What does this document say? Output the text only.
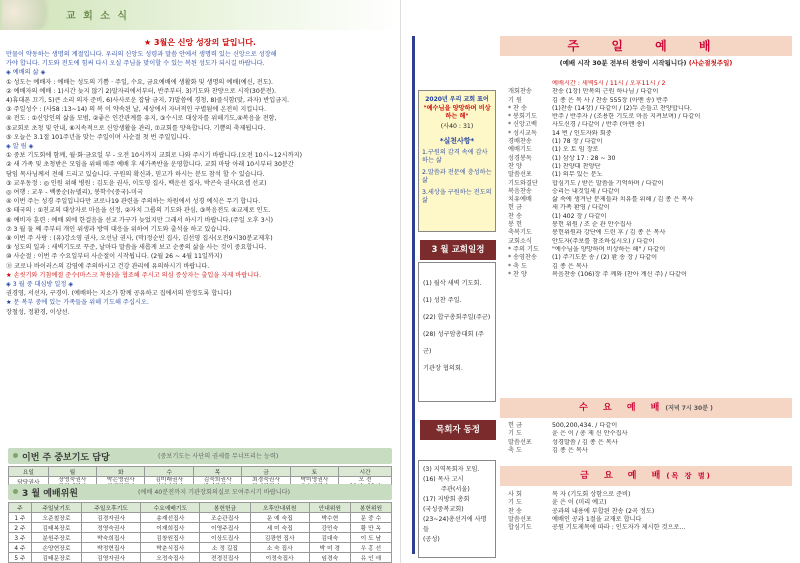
교 회 소 식
★ 3월은 신앙 성장의 달입니다.
만물이 약동하는 생명의 계절입니다. 우리의 신앙도 성령과 말씀 안에서 생명력 있는 신앙으로 성장해
가야 합니다. 기도와 전도에 힘써 다시 오실 주님을 맞이할 수 있는 복된 성도가 되시길 바랍니다.
◈ 예배의 삶 ◈
① 성도는 예배자 : 예배는 성도의 기쁨 · 주일, 수요, 금요예배에 생활화 및 생명의 예배(예신, 전도).
② 예배자의 예배 : 1)시간 늦지 않기 2)말자리에서부터, 반주부터. 3)기도와 찬양으로 시작(30분전).
4)휴대폰 끄기, 5)큰 소리 의자 준비, 6)사사로운 잡담 금지, 7)말씀에 경청, 8)즐식함(맞, 과자) 반입금지.
③ 주일성수 : (사58 :13~14) 의 복 이 약속된 날, 세상에서 자녀적인 구별됨에 온전히 지킵니다.
④ 전도 : ①신앙인의 삶을 모범, ②좋은 인간관계를 유지, ③수시로 대상자를 위해기도,④복음을 전함,
⑤교회로 초청 및 안내, ⑥지속적으로 신앙생활을 관리, ⑦교회를 양육합니다. 기쁨의 축제됩니다.
⑤ 오늘은 3.1절 101주년을 맞는 주일이며 사순절 첫 번 주일입니다.
◈ 알 림 ◈
① 중보 기도회에 함께, 월·화·금요일 부 - 오전 10시까지 교회로 나와 주시기 바랍니다.(오전 10시~12시까지)
② 새 가족 및 초청받은 모임을 위해 매주 예배 후 새가족반을 운영합니다. 교회 마당 아래 10시부터 30분간
담임 목사님께서 전해 드리고 있습니다. 구원의 확신과, 믿고가 하시는 분도 참석 할 수 있습니다.
③ 교우동정 : ◎ 인원 위해 병원 : 김도윤 권사, 이도영 집사, 백운선 집사, 박곤숙 권사(요셉 선교)
◎ 여행 : 교우 - 백종순(뉴델리), 봉학수(중국)-미국
④ 이번 주는 성경 주일입니다만 코로나19 관련을 주의하는 차원에서 성경 예식은 무기 합니다.
⑤ 태국의 : ①친교의 대상자로 마음을 선정, ②자치 그룹의 기도와 관심, ③복음전도 ④교제로 인도.
⑥ 예비자 훈련 : 예배 외에 한걸음을 선교 가구가 늦었지만 그래서 하시기 바랍니다.(주일 오후 3시)
⑦ 3 월 둘 째 주부터 개인 위생과 방역 대응을 위하여 기도와 출석을 하고 있습니다.
⑧ 이번 주 사랑 : (유)강소영 권사, 오선남 권사, (막)정순빈 집사, 김선영 집사(오전9시30분교제후)
⑨ 성도의 일과 : 새벽기도로 꾸준, 날마다 말씀을 새롭게 보고 순종의 삶을 사는 것이 중요합니다.
⑩ 사순절 : 이번 주 수요일부터 사순절이 시작됩니다. (2월 26 ~ 4월 11일까지)
⑪ 코로나 바이러스의 감염에 주의하시고 건강 관리에 유의하시기 바랍니다.
★ 손씻기와 기침예절 준수(마스크 착용)을 협조해 주시고 의심 증상자는 출입을 자제 바랍니다.
◈ 3 월 중 대심방 일정 ◈
권경영, 서선자, 구경이. (예배하는 지소가 함께 공유하고 집에서의 안정도록 합니다)
★ 문 복부 중에 있는 가족들을 위해 기도해 주십시오.
장철성, 정환경, 이상선.
이번 주 중보기도 담당	(중보기도는 사단의 권세를 무너뜨리는 능력)
요일	월	화	수	목	금	토	시간
	장영숙권사	박은영권사	김미래권사	김숙희권사	최경숙권사	박미영권사	오 전

3 월 예배위원	(예배 40분전까지 기관장회의실로 모여주시기 바랍니다)
주	주일낮기도	주일오후기도	수요예배기도	봉헌헌금	오후안내위원	안내위원	봉헌위원
1 주	오준철장로	김경자권사	송재선집사	조순관집사	운 예 숙집	박수현	문 중 수
2 주	김태복장로	정영숙권사	이재희집사	이영주집사	세 미 숙집	강민숙	황 만 옥
3 주	분원주장로	박숙희집사	김창원집사	이상도집사	김광현 집사	김대숙	이 도 남
4 주	손양현장로	박정현집사	박춘식집사	소 정 길집	소 숙 집사	박 미 경	우 홍 선
5 주	김태문장로	김영자권사	오정숙집사	전경진집사	이정숙집사	임경숙	유 인 애
2020년 우리 교회 표어
"예수님을 양망하며 비상하는 해"
(사40 : 31)
*실천사항*
1.구원의 감격 속에 감사하는 삶
2.말씀과 전문에 충성하는 삶
3.세상을 구원하는 전도의 삶
3 월 교회일정
(1) 월삭 새벽 기도회.
(1) 성찬 주일.
(22) 합구총회주일(주군)
(28) 성구암총대회 (주군)
기관장 협의회.
목회자 동정
(3) 지역목회자 모임.
(16) 목사 고시
주관(서울)
(17) 지방회 총회
(국성중복교회)
(23~24)총선거에 사명들
(공성)
주 일 예 배
(예배 시작 30분 전부터 찬양이 시작됩니다) (사순절첫주일)
예배시간 : 새벽5시 / 11시 / 오후11시 / 2
개회찬송	찬송 (1장) 만복의 근원 하나님 / 다같이
기 원	김 종 은 목 사 / 찬송 555장 (아멘 송) 반주
* 찬 송	(1)찬송 (14장) / 다같이 / (2)두 손들고 찬양합니다.
* 봉회기도	반주 / 반주자 / (조용한 기도로 마음 지켜보며) / 다같이
* 신앙고백	사도신경 / 다같이 / 반주 (아멘 송)
* 성시교독	14 번 / 인도자와 회중
경배찬송	(1) 78 장 / 다같이
예배기도	(1) 오 토 임 장로
성경봉독	(1) 삼상 17 : 28 ~ 30
찬 양	(1) 찬양대 찬양단
말씀선포	(1) 의무 있는 분노
기도와결단	합심기도 / 받은 말씀을 기억하며 / 다같이
복음찬송	승리는 내것일세 / 다같이
치유예배	삶 속에 생겨난 문제들과 치유를 위해 / 김 종 은 목사
헌 금	새 가족 환영 / 다같이
찬 송	(1) 402 장 / 다같이
봉 헌	봉헌 위원 / 조 순 관 안수집사
축복기도	봉헌위원과 강단에 드린 후 / 김 종 은 목사
교회소식	안도자(주보를 참조하십시오) / 다같이
* 주의 기도	"예수님을 양망하며 비상하는 해" / 다같이
* 송영찬송	(1) 주기도문 송 / (2) 환 송 장 / 다같이
* 축 도	김 종 은 목사
* 찬 양	복음찬송 (106)장 주 께와 (찬아 계신 주) / 다같이
수 요 예 배(저녁 7시 30분 )
헌 금	500,200,434. / 다같이
기 도	윤 은 이 / 총 제 신 안수집사
말씀선포	성경말씀 / 김 종 은 목사
축 도	김 종 은 목사
금 요 예 배(목 장 별)
사 회	목 자 (기도회 상함으로 준비)
기 도	윤 은 이 (미리 예고)
찬 송	공과의 내용에 부합된 찬송 (2곡 정도)
말씀선포	예배인 공과 1절을 교재로 합니다
합심기도	공원 기도제목에 따라 : 인도자가 제시한 것으로...
